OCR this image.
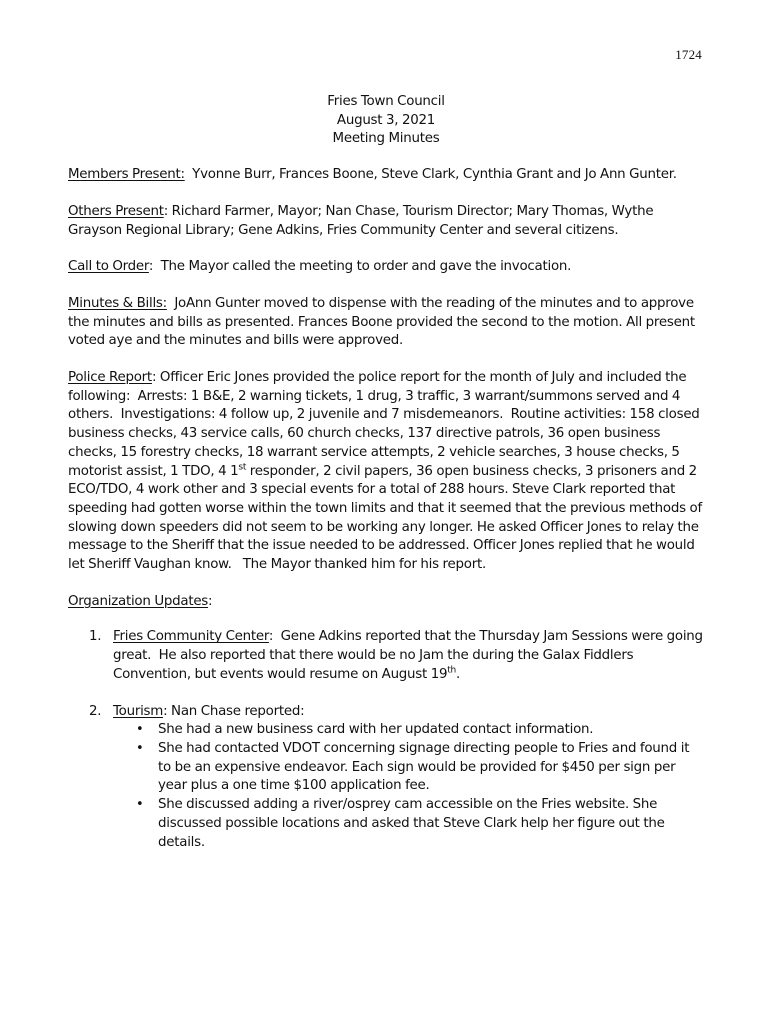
1724
Fries Town Council
August 3, 2021
Meeting Minutes

Members Present:  Yvonne Burr, Frances Boone, Steve Clark, Cynthia Grant and Jo Ann Gunter.

Others Present: Richard Farmer, Mayor; Nan Chase, Tourism Director; Mary Thomas, Wythe Grayson Regional Library; Gene Adkins, Fries Community Center and several citizens.

Call to Order:  The Mayor called the meeting to order and gave the invocation.

Minutes & Bills:  JoAnn Gunter moved to dispense with the reading of the minutes and to approve the minutes and bills as presented. Frances Boone provided the second to the motion. All present voted aye and the minutes and bills were approved.

Police Report: Officer Eric Jones provided the police report for the month of July and included the following:  Arrests: 1 B&E, 2 warning tickets, 1 drug, 3 traffic, 3 warrant/summons served and 4 others.  Investigations: 4 follow up, 2 juvenile and 7 misdemeanors.  Routine activities: 158 closed business checks, 43 service calls, 60 church checks, 137 directive patrols, 36 open business checks, 15 forestry checks, 18 warrant service attempts, 2 vehicle searches, 3 house checks, 5 motorist assist, 1 TDO, 4 1st responder, 2 civil papers, 36 open business checks, 3 prisoners and 2 ECO/TDO, 4 work other and 3 special events for a total of 288 hours. Steve Clark reported that speeding had gotten worse within the town limits and that it seemed that the previous methods of slowing down speeders did not seem to be working any longer. He asked Officer Jones to relay the message to the Sheriff that the issue needed to be addressed. Officer Jones replied that he would let Sheriff Vaughan know.   The Mayor thanked him for his report.

Organization Updates:

1. Fries Community Center:  Gene Adkins reported that the Thursday Jam Sessions were going great.  He also reported that there would be no Jam the during the Galax Fiddlers Convention, but events would resume on August 19th.
2. Tourism: Nan Chase reported:
• She had a new business card with her updated contact information.
• She had contacted VDOT concerning signage directing people to Fries and found it to be an expensive endeavor. Each sign would be provided for $450 per sign per year plus a one time $100 application fee.
• She discussed adding a river/osprey cam accessible on the Fries website. She discussed possible locations and asked that Steve Clark help her figure out the details.
